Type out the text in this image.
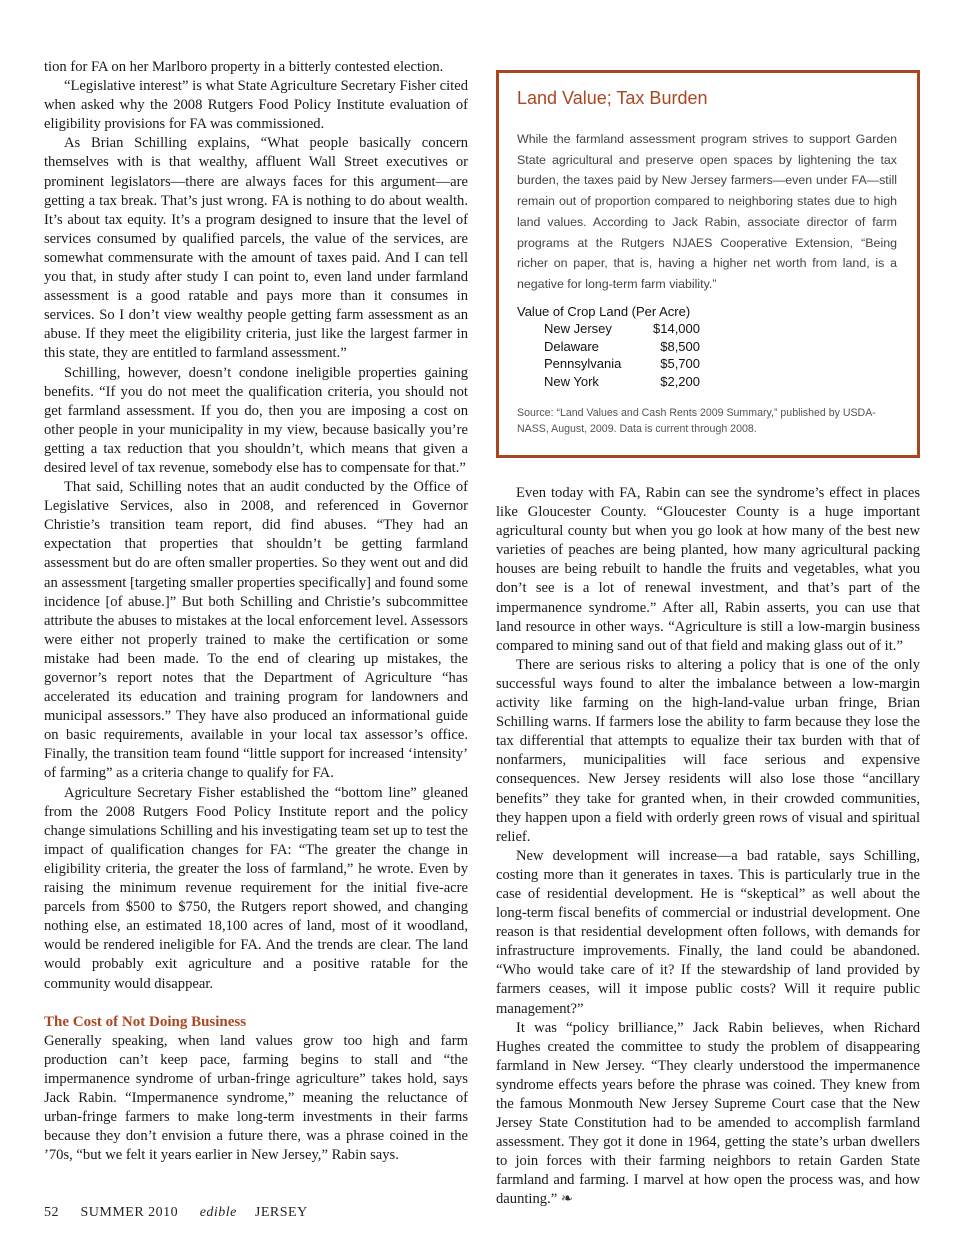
tion for FA on her Marlboro property in a bitterly contested election.

“Legislative interest” is what State Agriculture Secretary Fisher cited when asked why the 2008 Rutgers Food Policy Institute evaluation of eligibility provisions for FA was commissioned.

As Brian Schilling explains, “What people basically concern themselves with is that wealthy, affluent Wall Street executives or prominent legislators—there are always faces for this argument—are getting a tax break. That’s just wrong. FA is nothing to do about wealth. It’s about tax equity. It’s a program designed to insure that the level of services consumed by qualified parcels, the value of the services, are somewhat commensurate with the amount of taxes paid. And I can tell you that, in study after study I can point to, even land under farmland assessment is a good ratable and pays more than it consumes in services. So I don’t view wealthy people getting farm assessment as an abuse. If they meet the eligibility criteria, just like the largest farmer in this state, they are entitled to farmland assessment.”

Schilling, however, doesn’t condone ineligible properties gaining benefits. “If you do not meet the qualification criteria, you should not get farmland assessment. If you do, then you are imposing a cost on other people in your municipality in my view, because basically you’re getting a tax reduction that you shouldn’t, which means that given a desired level of tax revenue, somebody else has to compensate for that.”

That said, Schilling notes that an audit conducted by the Office of Legislative Services, also in 2008, and referenced in Governor Christie’s transition team report, did find abuses. “They had an expectation that properties that shouldn’t be getting farmland assessment but do are often smaller properties. So they went out and did an assessment [targeting smaller properties specifically] and found some incidence [of abuse.]” But both Schilling and Christie’s subcommittee attribute the abuses to mistakes at the local enforcement level. Assessors were either not properly trained to make the certification or some mistake had been made. To the end of clearing up mistakes, the governor’s report notes that the Department of Agriculture “has accelerated its education and training program for landowners and municipal assessors.” They have also produced an informational guide on basic requirements, available in your local tax assessor’s office. Finally, the transition team found “little support for increased ‘intensity’ of farming” as a criteria change to qualify for FA.

Agriculture Secretary Fisher established the “bottom line” gleaned from the 2008 Rutgers Food Policy Institute report and the policy change simulations Schilling and his investigating team set up to test the impact of qualification changes for FA: “The greater the change in eligibility criteria, the greater the loss of farmland,” he wrote. Even by raising the minimum revenue requirement for the initial five-acre parcels from $500 to $750, the Rutgers report showed, and changing nothing else, an estimated 18,100 acres of land, most of it woodland, would be rendered ineligible for FA. And the trends are clear. The land would probably exit agriculture and a positive ratable for the community would disappear.

The Cost of Not Doing Business

Generally speaking, when land values grow too high and farm production can’t keep pace, farming begins to stall and “the impermanence syndrome of urban-fringe agriculture” takes hold, says Jack Rabin. “Impermanence syndrome,” meaning the reluctance of urban-fringe farmers to make long-term investments in their farms because they don’t envision a future there, was a phrase coined in the ’70s, “but we felt it years earlier in New Jersey,” Rabin says.

Land Value; Tax Burden

While the farmland assessment program strives to support Garden State agricultural and preserve open spaces by lightening the tax burden, the taxes paid by New Jersey farmers—even under FA—still remain out of proportion compared to neighboring states due to high land values. According to Jack Rabin, associate director of farm programs at the Rutgers NJAES Cooperative Extension, “Being richer on paper, that is, having a higher net worth from land, is a negative for long-term farm viability.”

Value of Crop Land (Per Acre)
New Jersey	$14,000
Delaware	$8,500
Pennsylvania	$5,700
New York	$2,200

Source: “Land Values and Cash Rents 2009 Summary,” published by USDA-NASS, August, 2009. Data is current through 2008.

Even today with FA, Rabin can see the syndrome’s effect in places like Gloucester County. “Gloucester County is a huge important agricultural county but when you go look at how many of the best new varieties of peaches are being planted, how many agricultural packing houses are being rebuilt to handle the fruits and vegetables, what you don’t see is a lot of renewal investment, and that’s part of the impermanence syndrome.” After all, Rabin asserts, you can use that land resource in other ways. “Agriculture is still a low-margin business compared to mining sand out of that field and making glass out of it.”

There are serious risks to altering a policy that is one of the only successful ways found to alter the imbalance between a low-margin activity like farming on the high-land-value urban fringe, Brian Schilling warns. If farmers lose the ability to farm because they lose the tax differential that attempts to equalize their tax burden with that of nonfarmers, municipalities will face serious and expensive consequences. New Jersey residents will also lose those “ancillary benefits” they take for granted when, in their crowded communities, they happen upon a field with orderly green rows of visual and spiritual relief.

New development will increase—a bad ratable, says Schilling, costing more than it generates in taxes. This is particularly true in the case of residential development. He is “skeptical” as well about the long-term fiscal benefits of commercial or industrial development. One reason is that residential development often follows, with demands for infrastructure improvements. Finally, the land could be abandoned. “Who would take care of it? If the stewardship of land provided by farmers ceases, will it impose public costs? Will it require public management?”

It was “policy brilliance,” Jack Rabin believes, when Richard Hughes created the committee to study the problem of disappearing farmland in New Jersey. “They clearly understood the impermanence syndrome effects years before the phrase was coined. They knew from the famous Monmouth New Jersey Supreme Court case that the New Jersey State Constitution had to be amended to accomplish farmland assessment. They got it done in 1964, getting the state’s urban dwellers to join forces with their farming neighbors to retain Garden State farmland and farming. I marvel at how open the process was, and how daunting.” ❧

52 SUMMER 2010 edible JERSEY
